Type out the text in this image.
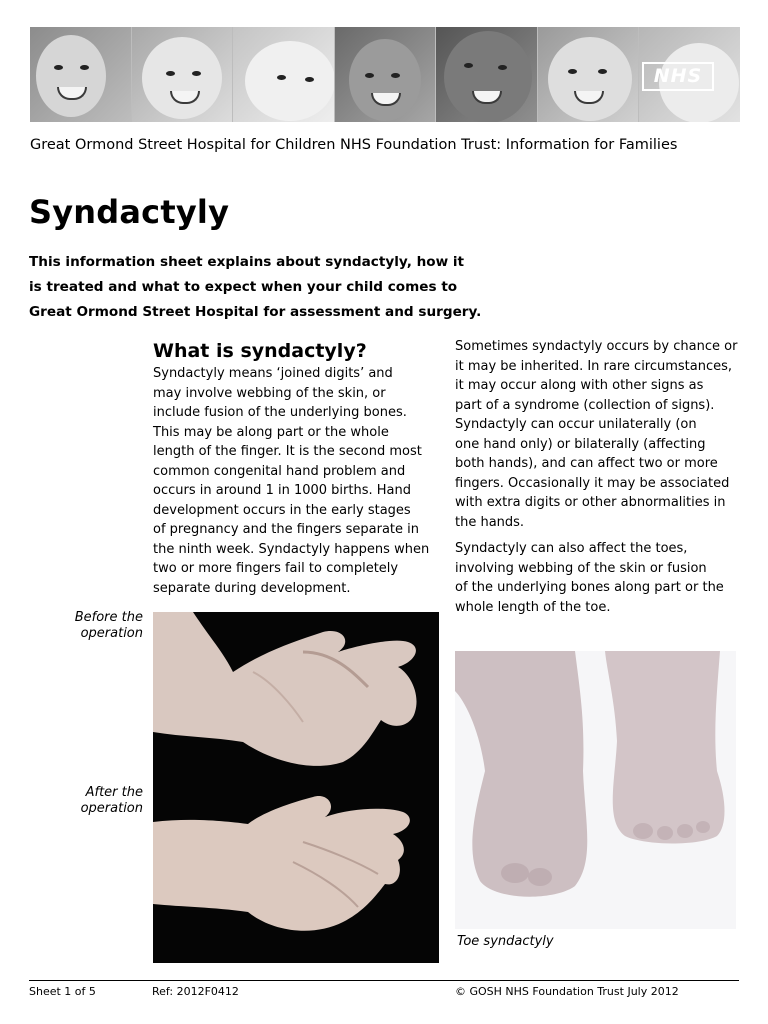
NHS
Great Ormond Street Hospital for Children NHS Foundation Trust: Information for Families
Syndactyly
This information sheet explains about syndactyly, how it
is treated and what to expect when your child comes to
Great Ormond Street Hospital for assessment and surgery.
What is syndactyly?
Syndactyly means ‘joined digits’ and
may involve webbing of the skin, or
include fusion of the underlying bones.
This may be along part or the whole
length of the finger. It is the second most
common congenital hand problem and
occurs in around 1 in 1000 births. Hand
development occurs in the early stages
of pregnancy and the fingers separate in
the ninth week. Syndactyly happens when
two or more fingers fail to completely
separate during development.
Sometimes syndactyly occurs by chance or
it may be inherited. In rare circumstances,
it may occur along with other signs as
part of a syndrome (collection of signs).
Syndactyly can occur unilaterally (on
one hand only) or bilaterally (affecting
both hands), and can affect two or more
fingers. Occasionally it may be associated
with extra digits or other abnormalities in
the hands.
Syndactyly can also affect the toes,
involving webbing of the skin or fusion
of the underlying bones along part or the
whole length of the toe.
Before the
operation
After the
operation
Toe syndactyly
Sheet 1 of 5	Ref: 2012F0412	© GOSH NHS Foundation Trust July 2012
